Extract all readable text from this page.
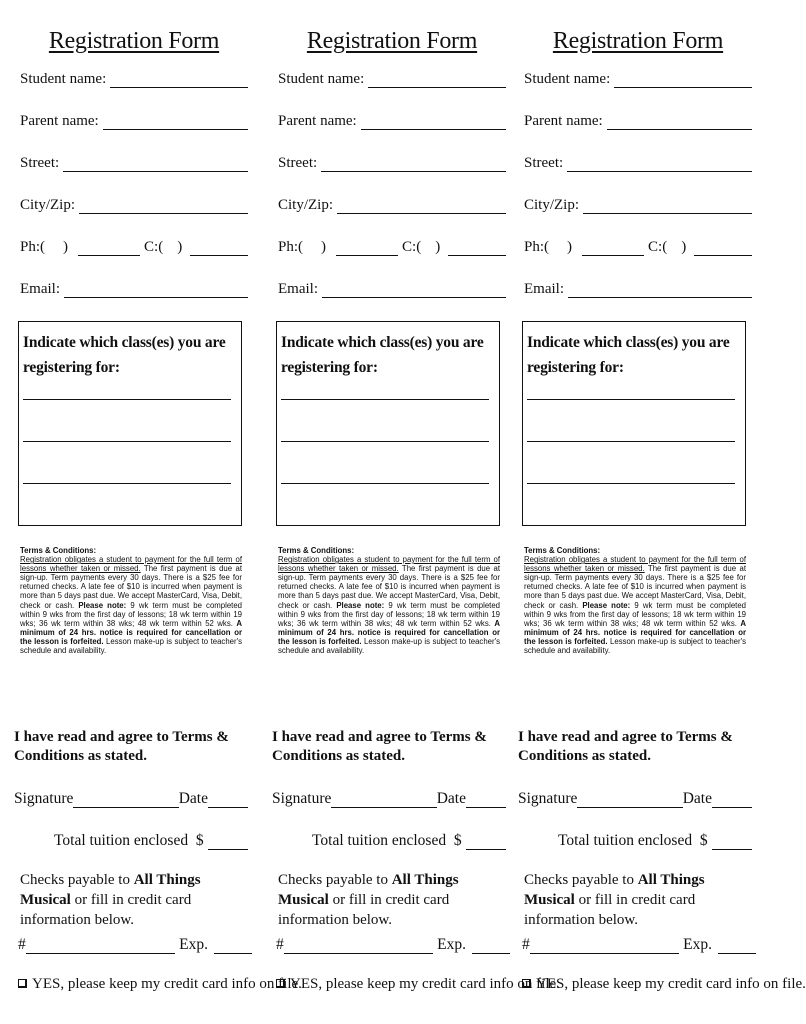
Registration Form
Student name:
Parent name:
Street:
City/Zip:
Ph:( )	C:( )
Email:
Indicate which class(es) you are registering for:
Terms & Conditions:
Registration obligates a student to payment for the full term of lessons whether taken or missed. The first payment is due at sign-up. Term payments every 30 days. There is a $25 fee for returned checks. A late fee of $10 is incurred when payment is more than 5 days past due. We accept MasterCard, Visa, Debit, check or cash. Please note: 9 wk term must be completed within 9 wks from the first day of lessons; 18 wk term within 19 wks; 36 wk term within 38 wks; 48 wk term within 52 wks. A minimum of 24 hrs. notice is required for cancellation or the lesson is forfeited. Lesson make-up is subject to teacher's schedule and availability.
I have read and agree to Terms & Conditions as stated.
Signature	Date
Total tuition enclosed  $
Checks payable to All Things Musical or fill in credit card information below.
#	Exp.
YES, please keep my credit card info on file.
Registration Form
Student name:
Parent name:
Street:
City/Zip:
Ph:( )	C:( )
Email:
Indicate which class(es) you are registering for:
Terms & Conditions:
Registration obligates a student to payment for the full term of lessons whether taken or missed. The first payment is due at sign-up. Term payments every 30 days. There is a $25 fee for returned checks. A late fee of $10 is incurred when payment is more than 5 days past due. We accept MasterCard, Visa, Debit, check or cash. Please note: 9 wk term must be completed within 9 wks from the first day of lessons; 18 wk term within 19 wks; 36 wk term within 38 wks; 48 wk term within 52 wks. A minimum of 24 hrs. notice is required for cancellation or the lesson is forfeited. Lesson make-up is subject to teacher's schedule and availability.
I have read and agree to Terms & Conditions as stated.
Signature	Date
Total tuition enclosed  $
Checks payable to All Things Musical or fill in credit card information below.
#	Exp.
YES, please keep my credit card info on file.
Registration Form
Student name:
Parent name:
Street:
City/Zip:
Ph:( )	C:( )
Email:
Indicate which class(es) you are registering for:
Terms & Conditions:
Registration obligates a student to payment for the full term of lessons whether taken or missed. The first payment is due at sign-up. Term payments every 30 days. There is a $25 fee for returned checks. A late fee of $10 is incurred when payment is more than 5 days past due. We accept MasterCard, Visa, Debit, check or cash. Please note: 9 wk term must be completed within 9 wks from the first day of lessons; 18 wk term within 19 wks; 36 wk term within 38 wks; 48 wk term within 52 wks. A minimum of 24 hrs. notice is required for cancellation or the lesson is forfeited. Lesson make-up is subject to teacher's schedule and availability.
I have read and agree to Terms & Conditions as stated.
Signature	Date
Total tuition enclosed  $
Checks payable to All Things Musical or fill in credit card information below.
#	Exp.
YES, please keep my credit card info on file.
